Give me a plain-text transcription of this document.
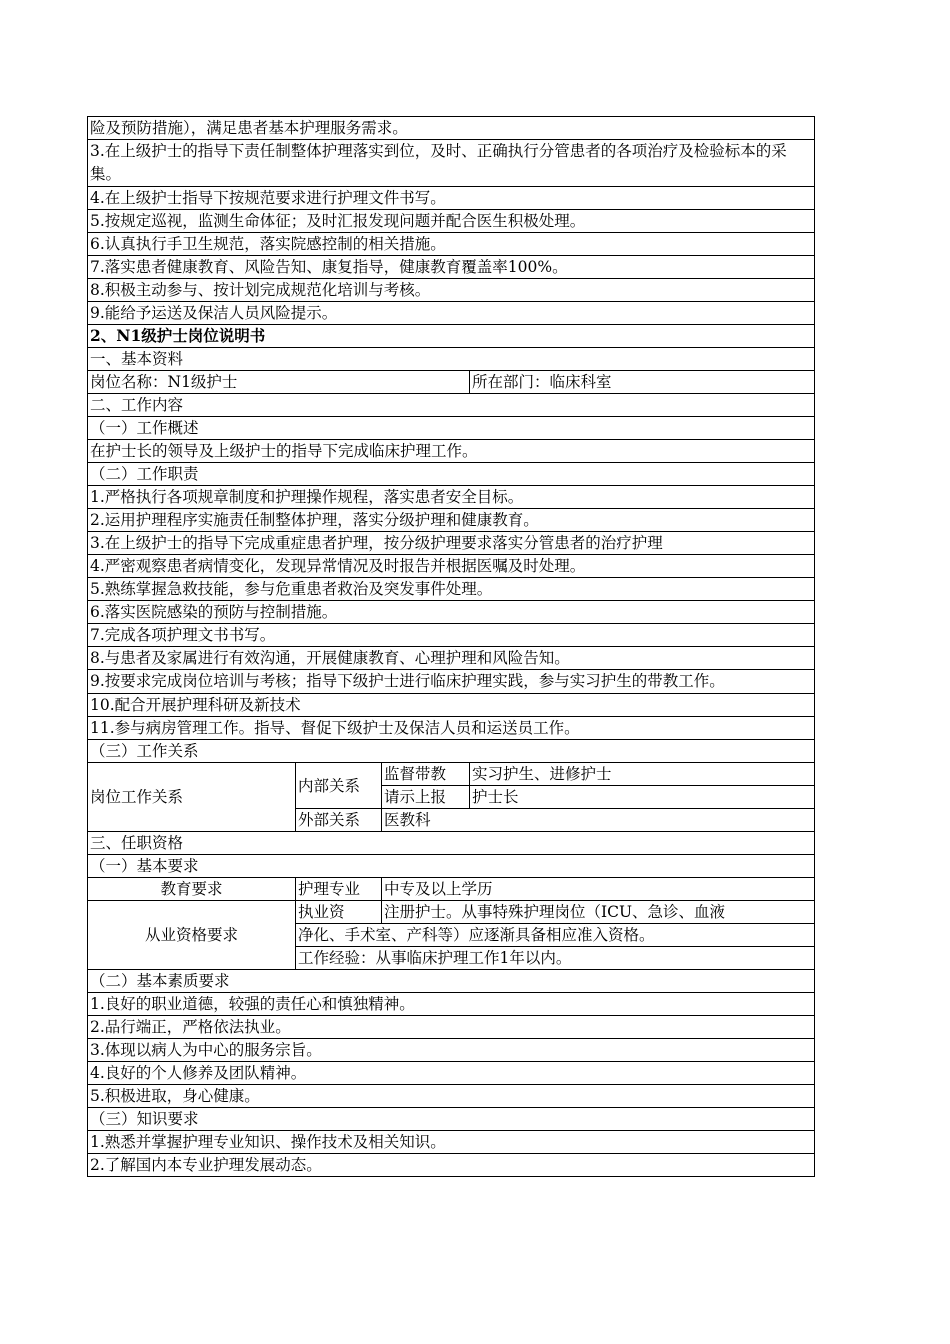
险及预防措施），满足患者基本护理服务需求。			
3.在上级护士的指导下责任制整体护理落实到位，及时、正确执行分管患者的各项治疗及检验标本的采集。			
4.在上级护士指导下按规范要求进行护理文件书写。			
5.按规定巡视，监测生命体征；及时汇报发现问题并配合医生积极处理。			
6.认真执行手卫生规范，落实院感控制的相关措施。			
7.落实患者健康教育、风险告知、康复指导，健康教育覆盖率100%。			
8.积极主动参与、按计划完成规范化培训与考核。			
9.能给予运送及保洁人员风险提示。			
2、N1级护士岗位说明书			
一、基本资料			
岗位名称：N1级护士			所在部门：临床科室
二、工作内容			
（一）工作概述			
在护士长的领导及上级护士的指导下完成临床护理工作。			
（二）工作职责			
1.严格执行各项规章制度和护理操作规程，落实患者安全目标。			
2.运用护理程序实施责任制整体护理，落实分级护理和健康教育。			
3.在上级护士的指导下完成重症患者护理，按分级护理要求落实分管患者的治疗护理			
4.严密观察患者病情变化，发现异常情况及时报告并根据医嘱及时处理。			
5.熟练掌握急救技能，参与危重患者救治及突发事件处理。			
6.落实医院感染的预防与控制措施。			
7.完成各项护理文书书写。			
8.与患者及家属进行有效沟通，开展健康教育、心理护理和风险告知。			
9.按要求完成岗位培训与考核；指导下级护士进行临床护理实践，参与实习护生的带教工作。			
10.配合开展护理科研及新技术			
11.参与病房管理工作。指导、督促下级护士及保洁人员和运送员工作。			
（三）工作关系			
岗位工作关系	内部关系	监督带教	实习护生、进修护士
		请示上报	护士长
	外部关系	医教科	
三、任职资格			
（一）基本要求			
教育要求	护理专业	中专及以上学历	
从业资格要求	执业资	注册护士。从事特殊护理岗位（ICU、急诊、血液	
	净化、手术室、产科等）应逐渐具备相应准入资格。		
	工作经验：从事临床护理工作1年以内。		
（二）基本素质要求			
1.良好的职业道德，较强的责任心和慎独精神。			
2.品行端正，严格依法执业。			
3.体现以病人为中心的服务宗旨。			
4.良好的个人修养及团队精神。			
5.积极进取，身心健康。			
（三）知识要求			
1.熟悉并掌握护理专业知识、操作技术及相关知识。			
2.了解国内本专业护理发展动态。			
